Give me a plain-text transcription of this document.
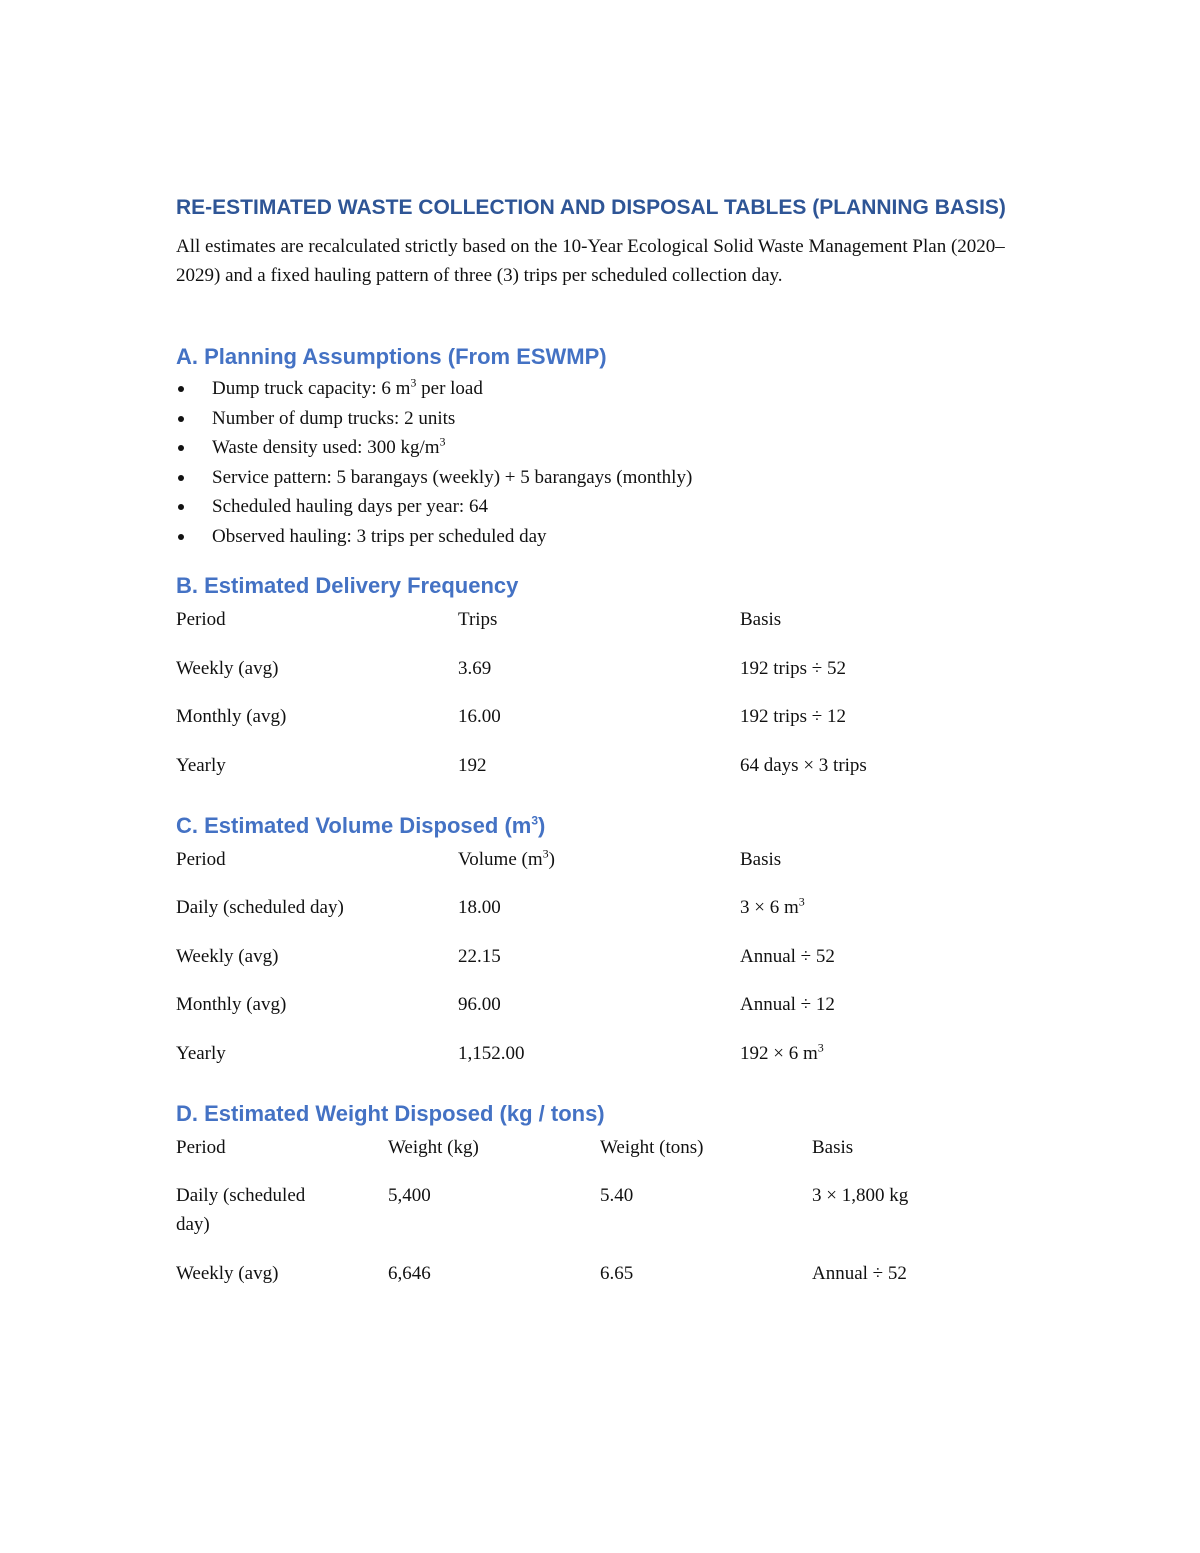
RE-ESTIMATED WASTE COLLECTION AND DISPOSAL TABLES (PLANNING BASIS)

All estimates are recalculated strictly based on the 10-Year Ecological Solid Waste Management Plan (2020–2029) and a fixed hauling pattern of three (3) trips per scheduled collection day.

A. Planning Assumptions (From ESWMP)
Dump truck capacity: 6 $m^3$ per load
Number of dump trucks: 2 units
Waste density used: 300 $kg/m^3$
Service pattern: 5 barangays (weekly) + 5 barangays (monthly)
Scheduled hauling days per year: 64
Observed hauling: 3 trips per scheduled day
B. Estimated Delivery Frequency
Period	Trips	Basis
Weekly (avg)	3.69	192 trips ÷ 52
Monthly (avg)	16.00	192 trips ÷ 12
Yearly	192	64 days × 3 trips
C. Estimated Volume Disposed $(m^3)$
Period	Volume $(m^3)$	Basis
Daily (scheduled day)	18.00	3 × 6 $m^3$
Weekly (avg)	22.15	Annual ÷ 52
Monthly (avg)	96.00	Annual ÷ 12
Yearly	1,152.00	192 × 6 $m^3$
D. Estimated Weight Disposed (kg / tons)
Period	Weight (kg)	Weight (tons)	Basis
Daily (scheduled day)	5,400	5.40	3 × 1,800 kg
Weekly (avg)	6,646	6.65	Annual ÷ 52
